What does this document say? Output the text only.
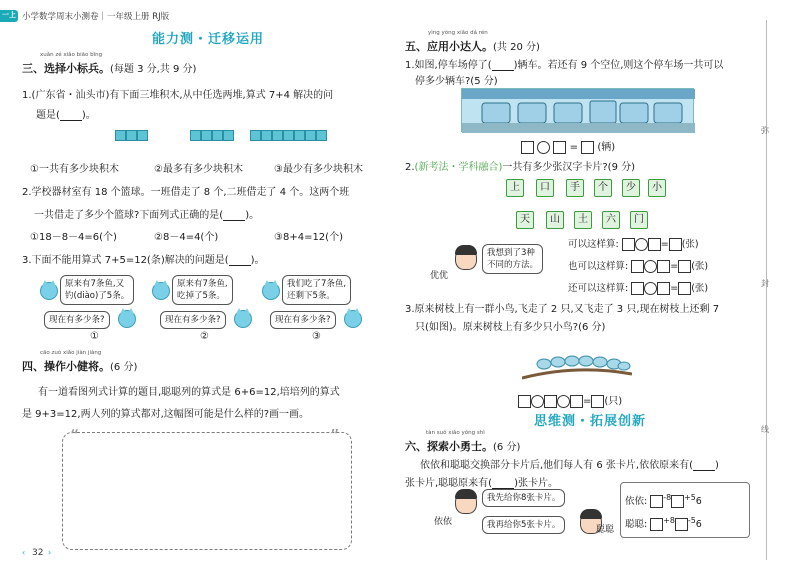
一上 小学数学周末小测卷｜一年级上册 RJ版
能力测・迁移运用
xuǎn zé xiǎo biāo bīng
三、选择小标兵。(每题 3 分,共 9 分)
1.(广东省・汕头市)有下面三堆积木,从中任选两堆,算式 7+4 解决的问
题是( )。
①一共有多少块积木	②最多有多少块积木	③最少有多少块积木
2.学校器材室有 18 个篮球。一班借走了 8 个,二班借走了 4 个。这两个班
一共借走了多少个篮球?下面列式正确的是( )。
①18－8－4=6(个)	②8－4=4(个)	③8+4=12(个)
3.下面不能用算式 7+5=12(条)解决的问题是( )。
原来有7条鱼,又
钓(diào)了5条。
现在有多少条?
原来有7条鱼,
吃掉了5条。
现在有多少条?
我们吃了7条鱼,
还剩下5条。
现在有多少条?
①	②	③
cāo zuò xiǎo jiàn jiàng
四、操作小健将。(6 分)
有一道看图列式计算的题目,聪聪列的算式是 6+6=12,培培列的算式
是 9+3=12,两人列的算式都对,这幅图可能是什么样的?画一画。
“	”
32
‹	›
yìng yòng xiǎo dá rén
五、应用小达人。(共 20 分)
1.如图,停车场停了( )辆车。若还有 9 个空位,则这个停车场一共可以
停多少辆车?(5 分)
= (辆)
2.(新考法・学科融合)一共有多少张汉字卡片?(9 分)
上	口	手	个	少	小
天	山	土	六	门
我想到了3种
不同的方法。
优优
可以这样算:	= (张)
也可以这样算:	= (张)
还可以这样算:	= (张)
3.原来树枝上有一群小鸟,飞走了 2 只,又飞走了 3 只,现在树枝上还剩 7
只(如图)。原来树枝上有多少只小鸟?(6 分)
= (只)
思维测・拓展创新
tàn suǒ xiǎo yǒng shì
六、探索小勇士。(6 分)
依依和聪聪交换部分卡片后,他们每人有 6 张卡片,依依原来有( )
张卡片,聪聪原来有( )张卡片。
我先给你8张卡片。
依依	我再给你5张卡片。	聪聪
依依: $^{-8}$ $^{+5}$6
聪聪: $^{+8}$ $^{-5}$6
弥
封
线
